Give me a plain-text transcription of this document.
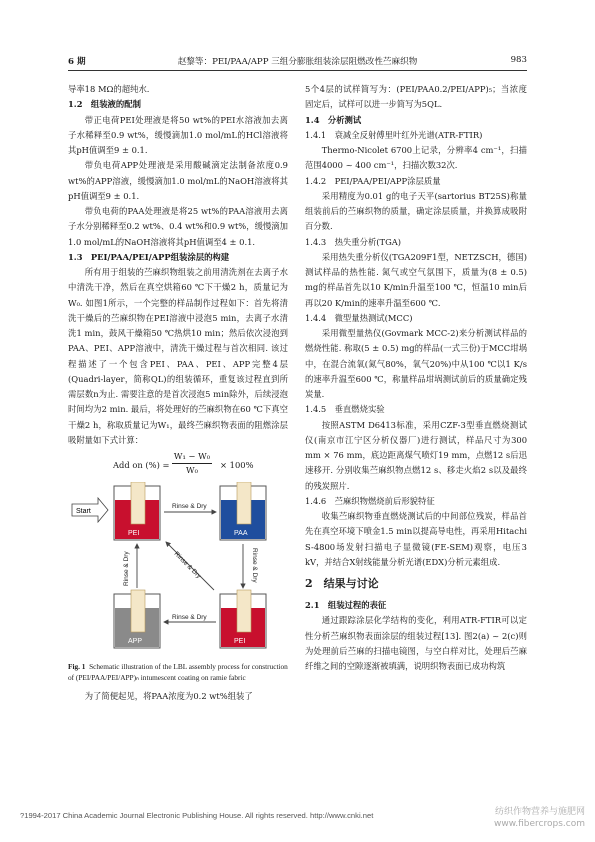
6 期	赵黎等：PEI/PAA/APP 三组分膨胀组装涂层阻燃改性苎麻织物	983

导率18 MΩ的超纯水.

1.2　组装液的配制

带正电荷PEI处理液是将50 wt%的PEI水溶液加去离子水稀释至0.9 wt%，缓慢滴加1.0 mol/mL的HCl溶液将其pH值调至9 ± 0.1.

带负电荷APP处理液是采用酸碱滴定法制备浓度0.9 wt%的APP溶液，缓慢滴加1.0 mol/mL的NaOH溶液将其pH值调至9 ± 0.1.

带负电荷的PAA处理液是将25 wt%的PAA溶液用去离子水分别稀释至0.2 wt%、0.4 wt%和0.9 wt%，缓慢滴加1.0 mol/mL的NaOH溶液将其pH值调至4 ± 0.1.

1.3　PEI/PAA/PEI/APP组装涂层的构建

所有用于组装的苎麻织物组装之前用清洗剂在去离子水中清洗干净，然后在真空烘箱60 ℃下干燥2 h，质量记为W₀. 如图1所示，一个完整的样品制作过程如下：首先将清洗干燥后的苎麻织物在PEI溶液中浸泡5 min，去离子水清洗1 min，鼓风干燥箱50 ℃热烘10 min；然后依次浸泡到PAA、PEI、APP溶液中，清洗干燥过程与首次相同. 该过程描述了一个包含PEI、PAA、PEI、APP完整4层(Quadri-layer，简称QL)的组装循环，重复该过程直到所需层数n为止. 需要注意的是首次浸泡5 min除外，后续浸泡时间均为2 min. 最后，将处理好的苎麻织物在60 ℃下真空干燥2 h，称取质量记为W₁，最终苎麻织物表面的阻燃涂层吸附量如下式计算：

Add on (%) = $\frac{\text{W₁ − W₀}}{\text{W₀}} \times 100\%$
Start
PEI	PAA
PEI
APP
Rinse & Dry
Rinse & Dry
Rinse & Dry
Rinse & Dry	Rinse & Dry

Fig. 1 Schematic illustration of the LBL assembly process for construction of (PEI/PAA/PEI/APP)ₙ intumescent coating on ramie fabric

为了简便起见，将PAA浓度为0.2 wt%组装了

5个4层的试样简写为：(PEI/PAA0.2/PEI/APP)₅；当浓度固定后，试样可以进一步简写为5QL.

1.4　分析测试

1.4.1　衰减全反射傅里叶红外光谱(ATR-FTIR)

Thermo-Nicolet 6700上记录，分辨率4 cm⁻¹，扫描范围4000 ~ 400 cm⁻¹，扫描次数32次.

1.4.2　PEI/PAA/PEI/APP涂层质量

采用精度为0.01 g的电子天平(sartorius BT25S)称量组装前后的苎麻织物的质量，确定涂层质量，并换算成吸附百分数.

1.4.3　热失重分析(TGA)

采用热失重分析仪(TGA209F1型，NETZSCH，德国)测试样品的热性能. 氮气或空气氛围下，质量为(8 ± 0.5) mg的样品首先以10 K/min升温至100 ℃，恒温10 min后再以20 K/min的速率升温至600 ℃.

1.4.4　微型量热测试(MCC)

采用微型量热仪(Govmark MCC-2)来分析测试样品的燃烧性能. 称取(5 ± 0.5) mg的样品(一式三份)于MCC坩埚中，在混合流氧(氮气80%，氧气20%)中从100 ℃以1 K/s的速率升温至600 ℃，称量样品坩埚测试前后的质量确定残炭量.

1.4.5　垂直燃烧实验

按照ASTM D6413标准，采用CZF-3型垂直燃烧测试仪(南京市江宁区分析仪器厂)进行测试，样品尺寸为300 mm × 76 mm，底边距离煤气喷灯19 mm，点燃12 s后迅速移开. 分别收集苎麻织物点燃12 s、移走火焰2 s以及最终的残炭照片.

1.4.6　苎麻织物燃烧前后形貌特征

收集苎麻织物垂直燃烧测试后的中间部位残炭，样品首先在真空环境下喷金1.5 min以提高导电性，再采用Hitachi S-4800场发射扫描电子显微镜(FE-SEM)观察，电压3 kV，并结合X射线能量分析光谱(EDX)分析元素组成.

2　结果与讨论

2.1　组装过程的表征

通过跟踪涂层化学结构的变化，利用ATR-FTIR可以定性分析苎麻织物表面涂层的组装过程[13]. 图2(a) ~ 2(c)则为处理前后苎麻的扫描电镜图，与空白样对比，处理后苎麻纤维之间的空隙逐渐被填满，说明织物表面已成功构筑

?1994-2017 China Academic Journal Electronic Publishing House. All rights reserved. http://www.cnki.net	纺织作物营养与施肥网
www.fibercrops.com
